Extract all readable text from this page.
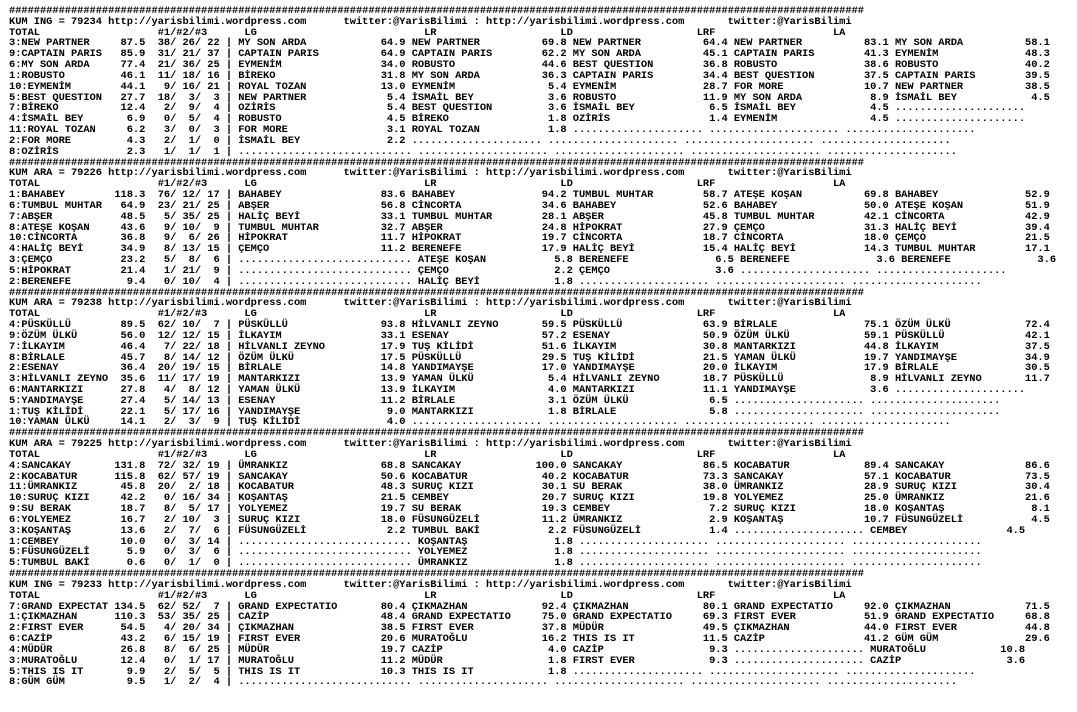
##########################################################################################################################################
KUM ING = 79234 http://yarisbilimi.wordpress.com      twitter:@YarisBilimi : http://yarisbilimi.wordpress.com       twitter:@YarisBilimi
TOTAL                   #1/#2/#3      LG                           LR                    LD                    LRF                   LA
3:NEW PARTNER     87.5  38/ 26/ 22 | MY SON ARDA            64.9 NEW PARTNER          69.8 NEW PARTNER          64.4 NEW PARTNER          83.1 MY SON ARDA          58.1
9:CAPTAIN PARIS   85.9  31/ 21/ 37 | CAPTAIN PARIS          64.9 CAPTAIN PARIS        62.2 MY SON ARDA          45.1 CAPTAIN PARIS        41.3 EYMENİM              48.3
6:MY SON ARDA     77.4  21/ 36/ 25 | EYMENİM                34.0 ROBUSTO              44.6 BEST QUESTION        36.8 ROBUSTO              38.6 ROBUSTO              40.2
1:ROBUSTO         46.1  11/ 18/ 16 | BİREKO                 31.8 MY SON ARDA          36.3 CAPTAIN PARIS        34.4 BEST QUESTION        37.5 CAPTAIN PARIS        39.5
10:EYMENİM        44.1   9/ 16/ 21 | ROYAL TOZAN            13.0 EYMENİM               5.4 EYMENİM              28.7 FOR MORE             10.7 NEW PARTNER          38.5
5:BEST QUESTION   27.7  18/  3/  3 | NEW PARTNER             5.4 İSMAİL BEY            3.6 ROBUSTO              11.9 MY SON ARDA           8.9 İSMAİL BEY            4.5
7:BİREKO          12.4   2/  9/  4 | OZİRİS                  5.4 BEST QUESTION         3.6 İSMAİL BEY            6.5 İSMAİL BEY            4.5 .....................
4:İSMAİL BEY       6.9   0/  5/  4 | ROBUSTO                 4.5 BİREKO                1.8 OZİRİS                1.4 EYMENİM               4.5 .....................
11:ROYAL TOZAN     6.2   3/  0/  3 | FOR MORE                3.1 ROYAL TOZAN           1.8 ..................... ..................... .....................
2:FOR MORE         4.3   2/  1/  0 | İSMAİL BEY              2.2 ..................... ..................... ..................... .....................
8:OZİRİS           2.3   1/  1/  1 | ............................ ..................... ..................... ..................... .....................
##########################################################################################################################################
KUM ARA = 79226 http://yarisbilimi.wordpress.com      twitter:@YarisBilimi : http://yarisbilimi.wordpress.com       twitter:@YarisBilimi
TOTAL                   #1/#2/#3      LG                           LR                    LD                    LRF                   LA
1:BAHABEY        118.3  76/ 12/ 17 | BAHABEY                83.6 BAHABEY              94.2 TUMBUL MUHTAR        58.7 ATEŞE KOŞAN          69.8 BAHABEY              52.9
6:TUMBUL MUHTAR   64.9  23/ 21/ 25 | ABŞER                  56.8 CİNCORTA             34.6 BAHABEY              52.6 BAHABEY              50.0 ATEŞE KOŞAN          51.9
7:ABŞER           48.5   5/ 35/ 25 | HALİÇ BEYİ             33.1 TUMBUL MUHTAR        28.1 ABŞER                45.8 TUMBUL MUHTAR        42.1 CİNCORTA             42.9
8:ATEŞE KOŞAN     43.6   9/ 10/  9 | TUMBUL MUHTAR          32.7 ABŞER                24.8 HİPOKRAT             27.9 ÇEMÇO                31.3 HALİÇ BEYİ           39.4
10:CİNCORTA       36.8   9/  6/ 26 | HİPOKRAT               11.7 HİPOKRAT             19.7 CİNCORTA             18.7 CİNCORTA             18.0 ÇEMÇO                21.5
4:HALİÇ BEYİ      34.9   8/ 13/ 15 | ÇEMÇO                  11.2 BERENEFE             17.9 HALİÇ BEYİ           15.4 HALİÇ BEYİ           14.3 TUMBUL MUHTAR        17.1
3:ÇEMÇO           23.2   5/  8/  6 | ............................ ATEŞE KOŞAN           5.8 BERENEFE              6.5 BERENEFE              3.6 BERENEFE              3.6
5:HİPOKRAT        21.4   1/ 21/  9 | ............................ ÇEMÇO                 2.2 ÇEMÇO                 3.6 ..................... .....................
2:BERENEFE         9.4   0/ 10/  4 | ............................ HALİÇ BEYİ            1.8 ..................... ..................... .....................
##########################################################################################################################################
KUM ARA = 79238 http://yarisbilimi.wordpress.com      twitter:@YarisBilimi : http://yarisbilimi.wordpress.com       twitter:@YarisBilimi
TOTAL                   #1/#2/#3      LG                           LR                    LD                    LRF                   LA
4:PÜSKÜLLÜ        89.5  62/ 10/  7 | PÜSKÜLLÜ               93.8 HİLVANLI ZEYNO       59.5 PÜSKÜLLÜ             63.9 BİRLALE              75.1 ÖZÜM ÜLKÜ            72.4
9:ÖZÜM ÜLKÜ       56.0  12/ 12/ 15 | İLKAYIM                33.1 ESENAY               57.2 ESENAY               50.9 ÖZÜM ÜLKÜ            59.1 PÜSKÜLLÜ             42.1
7:İLKAYIM         46.4   7/ 22/ 18 | HİLVANLI ZEYNO         17.9 TUŞ KİLİDİ           51.6 İLKAYIM              30.8 MANTARKIZI           44.8 İLKAYIM              37.5
8:BİRLALE         45.7   8/ 14/ 12 | ÖZÜM ÜLKÜ              17.5 PÜSKÜLLÜ             29.5 TUŞ KİLİDİ           21.5 YAMAN ÜLKÜ           19.7 YANDIMAYŞE           34.9
2:ESENAY          36.4  20/ 19/ 15 | BİRLALE                14.8 YANDIMAYŞE           17.0 YANDIMAYŞE           20.0 İLKAYIM              17.9 BİRLALE              30.5
3:HİLVANLI ZEYNO  35.6  11/ 17/ 19 | MANTARKIZI             13.9 YAMAN ÜLKÜ            5.4 HİLVANLI ZEYNO       18.7 PÜSKÜLLÜ              8.9 HİLVANLI ZEYNO       11.7
6:MANTARKIZI      27.8   4/  8/ 12 | YAMAN ÜLKÜ             13.9 İLKAYIM               4.0 MANTARKIZI           11.1 YANDIMAYŞE            3.6 .....................
5:YANDIMAYŞE      27.4   5/ 14/ 13 | ESENAY                 11.2 BİRLALE               3.1 ÖZÜM ÜLKÜ             6.5 ..................... .....................
1:TUŞ KİLİDİ      22.1   5/ 17/ 16 | YANDIMAYŞE              9.0 MANTARKIZI            1.8 BİRLALE               5.8 ..................... .....................
10:YAMAN ÜLKÜ     14.1   2/  3/  9 | TUŞ KİLİDİ              4.0 ..................... ..................... ..................... .....................
##########################################################################################################################################
KUM ARA = 79225 http://yarisbilimi.wordpress.com      twitter:@YarisBilimi : http://yarisbilimi.wordpress.com       twitter:@YarisBilimi
TOTAL                   #1/#2/#3      LG                           LR                    LD                    LRF                   LA
4:SANCAKAY       131.8  72/ 32/ 19 | ÜMRANKIZ               68.8 SANCAKAY            100.0 SANCAKAY             86.5 KOCABATUR            89.4 SANCAKAY             86.6
2:KOCABATUR      115.8  62/ 57/ 19 | SANCAKAY               50.6 KOCABATUR            40.2 KOCABATUR            73.3 SANCAKAY             57.1 KOCABATUR            73.5
11:ÜMRANKIZ       45.8  20/  2/ 18 | KOCABATUR              48.3 SURUÇ KIZI           30.1 SU BERAK             38.0 ÜMRANKIZ             28.9 SURUÇ KIZI           30.4
10:SURUÇ KIZI     42.2   0/ 16/ 34 | KOŞANTAŞ               21.5 CEMBEY               20.7 SURUÇ KIZI           19.8 YOLYEMEZ             25.0 ÜMRANKIZ             21.6
9:SU BERAK        18.7   8/  5/ 17 | YOLYEMEZ               19.7 SU BERAK             19.3 CEMBEY                7.2 SURUÇ KIZI           18.0 KOŞANTAŞ              8.1
6:YOLYEMEZ        16.7   2/ 10/  3 | SURUÇ KIZI             18.0 FÜSUNGÜZELİ          11.2 ÜMRANKIZ              2.9 KOŞANTAŞ             10.7 FÜSUNGÜZELİ           4.5
3:KOŞANTAŞ        13.6   2/  7/  6 | FÜSUNGÜZELİ             2.2 TUMBUL BAKİ           2.2 FÜSUNGÜZELİ           1.4 ..................... CEMBEY                4.5
1:CEMBEY          10.0   0/  3/ 14 | ............................ KOŞANTAŞ              1.8 ..................... ..................... .....................
5:FÜSUNGÜZELİ      5.9   0/  3/  6 | ............................ YOLYEMEZ              1.8 ..................... ..................... .....................
5:TUMBUL BAKİ      0.6   0/  1/  0 | ............................ ÜMRANKIZ              1.8 ..................... ..................... .....................
##########################################################################################################################################
KUM ING = 79233 http://yarisbilimi.wordpress.com      twitter:@YarisBilimi : http://yarisbilimi.wordpress.com       twitter:@YarisBilimi
TOTAL                   #1/#2/#3      LG                           LR                    LD                    LRF                   LA
7:GRAND EXPECTAT 134.5  62/ 52/  7 | GRAND EXPECTATIO       80.4 ÇIKMAZHAN            92.4 ÇIKMAZHAN            80.1 GRAND EXPECTATIO     92.0 ÇIKMAZHAN            71.5
1:ÇIKMAZHAN      110.3  53/ 35/ 25 | CAZİP                  48.4 GRAND EXPECTATIO     75.0 GRAND EXPECTATIO     69.3 FIRST EVER           51.9 GRAND EXPECTATIO     68.8
2:FIRST EVER      54.5   4/ 20/ 34 | ÇIKMAZHAN              38.5 FIRST EVER           37.8 MÜDÜR                49.5 ÇIKMAZHAN            44.0 FIRST EVER           44.8
6:CAZİP           43.2   6/ 15/ 19 | FIRST EVER             20.6 MURATOĞLU            16.2 THIS IS IT           11.5 CAZİP                41.2 GÜM GÜM              29.6
4:MÜDÜR           26.8   8/  6/ 25 | MÜDÜR                  19.7 CAZİP                 4.0 CAZİP                 9.3 ..................... MURATOĞLU            10.8
3:MURATOĞLU       12.4   0/  1/ 17 | MURATOĞLU              11.2 MÜDÜR                 1.8 FIRST EVER            9.3 ..................... CAZİP                 3.6
5:THIS IS IT       9.9   2/  5/  5 | THIS IS IT             10.3 THIS IS IT            1.8 ..................... ..................... .....................
8:GÜM GÜM          9.5   1/  2/  4 | ............................ ..................... ..................... ..................... .....................
